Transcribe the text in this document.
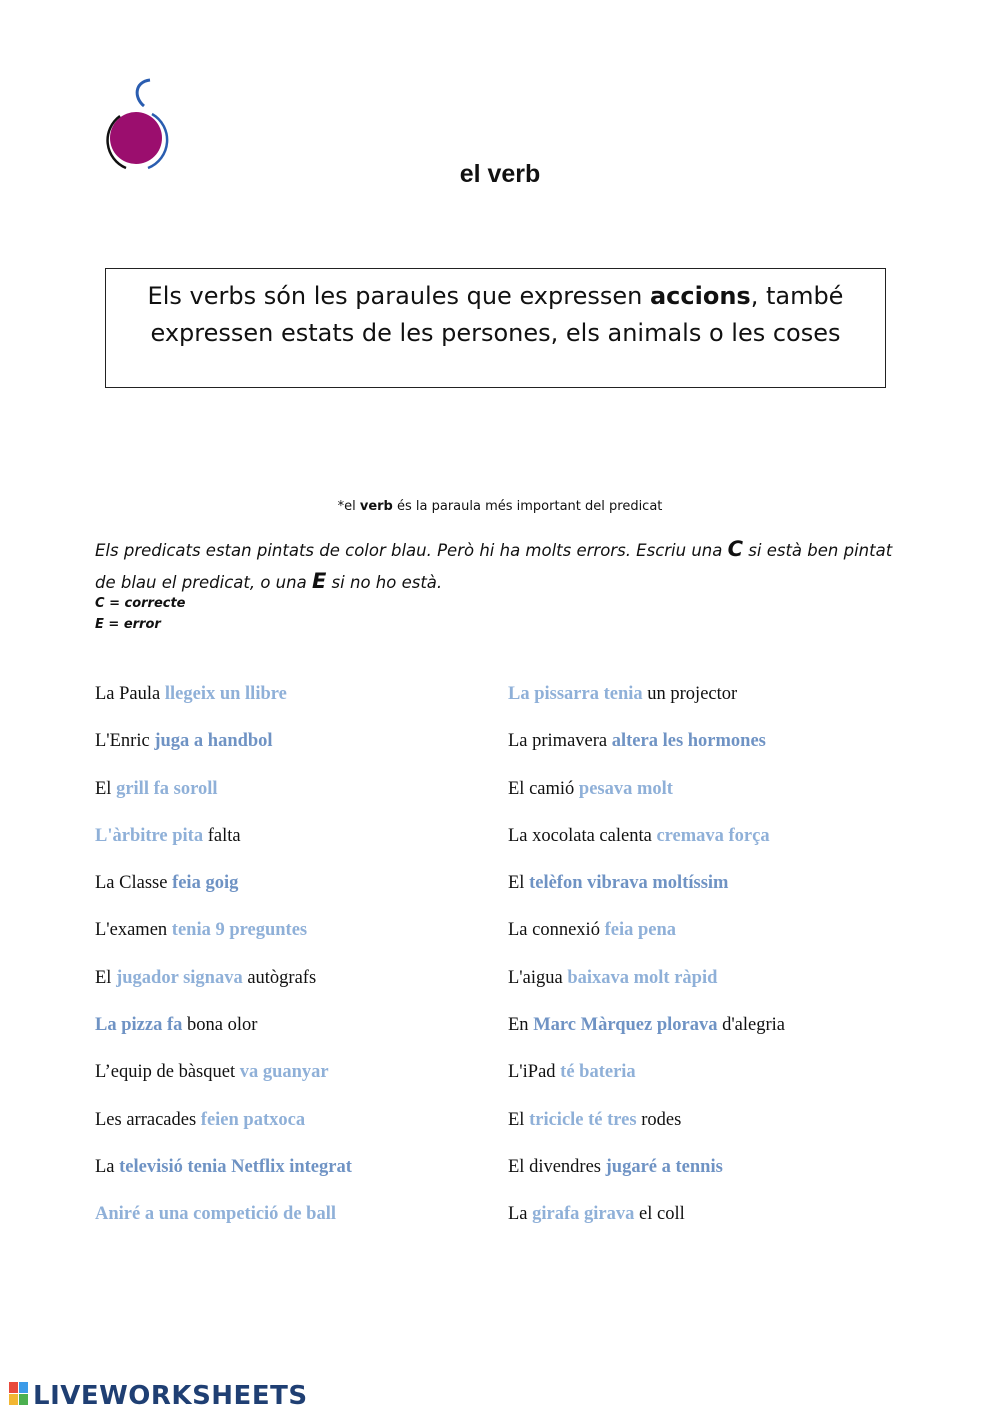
el verb
Els verbs són les paraules que expressen accions, també
expressen estats de les persones, els animals o les coses
*el verb és la paraula més important del predicat
Els predicats estan pintats de color blau. Però hi ha molts errors. Escriu una C si està ben pintat de blau el predicat, o una E si no ho està.
C = correcte
E = error
La Paula llegeix un llibre
L'Enric juga a handbol
El grill fa soroll
L'àrbitre pita falta
La Classe feia goig
L'examen tenia 9 preguntes
El jugador signava autògrafs
La pizza fa bona olor
L’equip de bàsquet va guanyar
Les arracades feien patxoca
La televisió tenia Netflix integrat
Aniré a una competició de ball
La pissarra tenia un projector
La primavera altera les hormones
El camió pesava molt
La xocolata calenta cremava força
El telèfon vibrava moltíssim
La connexió feia pena
L'aigua baixava molt ràpid
En Marc Màrquez plorava d'alegria
L'iPad té bateria
El tricicle té tres rodes
El divendres jugaré a tennis
La girafa girava el coll
LIVEWORKSHEETS
